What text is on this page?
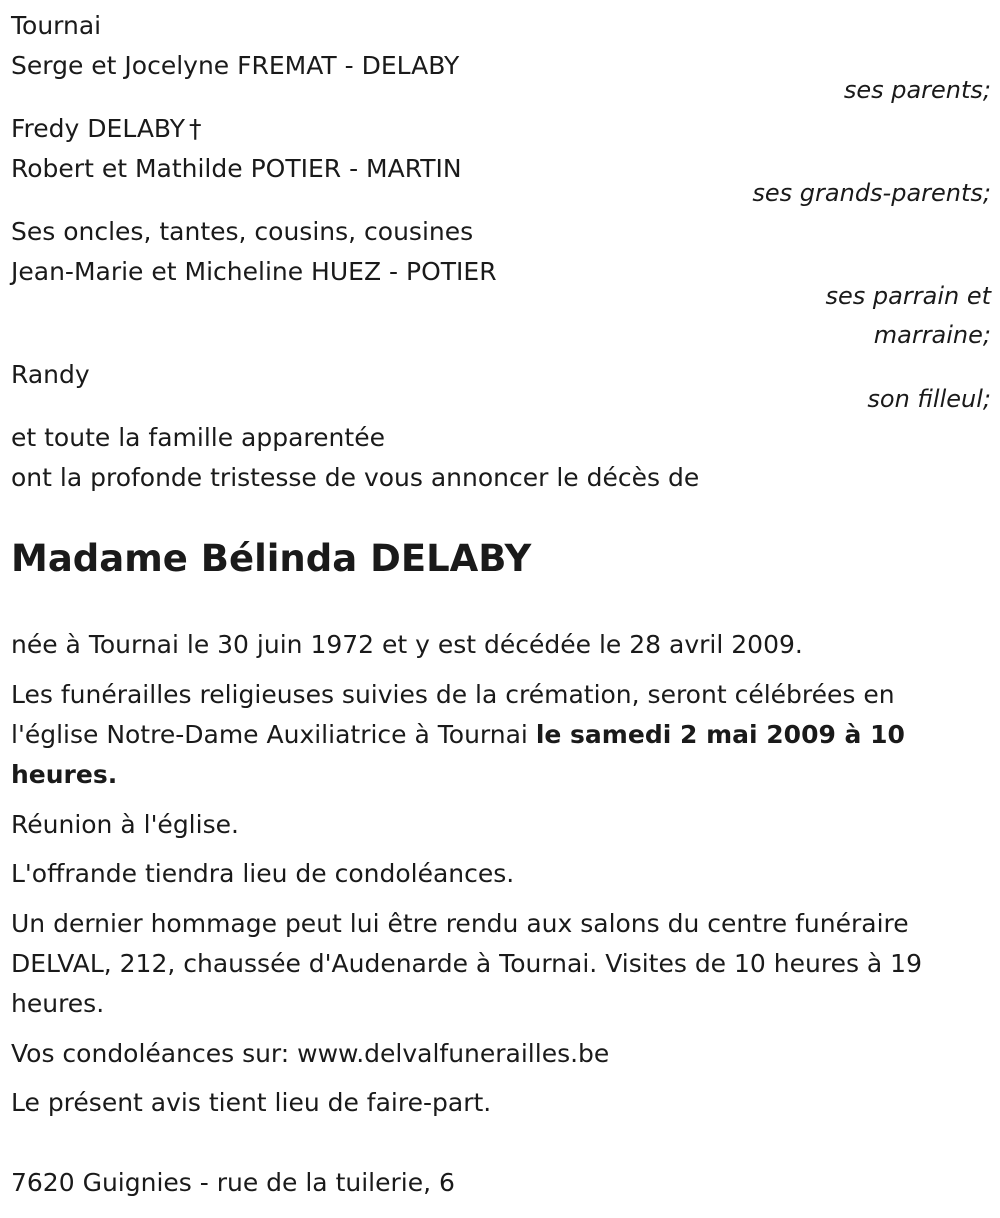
Tournai
Serge et Jocelyne FREMAT - DELABY
ses parents;
Fredy DELABY †
Robert et Mathilde POTIER - MARTIN
ses grands-parents;
Ses oncles, tantes, cousins, cousines
Jean-Marie et Micheline HUEZ - POTIER
ses parrain et
marraine;
Randy
son filleul;
et toute la famille apparentée
ont la profonde tristesse de vous annoncer le décès de
Madame Bélinda DELABY
née à Tournai le 30 juin 1972 et y est décédée le 28 avril 2009.
Les funérailles religieuses suivies de la crémation, seront célébrées en l'église Notre-Dame Auxiliatrice à Tournai le samedi 2 mai 2009 à 10 heures.
Réunion à l'église.
L'offrande tiendra lieu de condoléances.
Un dernier hommage peut lui être rendu aux salons du centre funéraire DELVAL, 212, chaussée d'Audenarde à Tournai. Visites de 10 heures à 19 heures.
Vos condoléances sur: www.delvalfunerailles.be
Le présent avis tient lieu de faire-part.
7620 Guignies - rue de la tuilerie, 6
